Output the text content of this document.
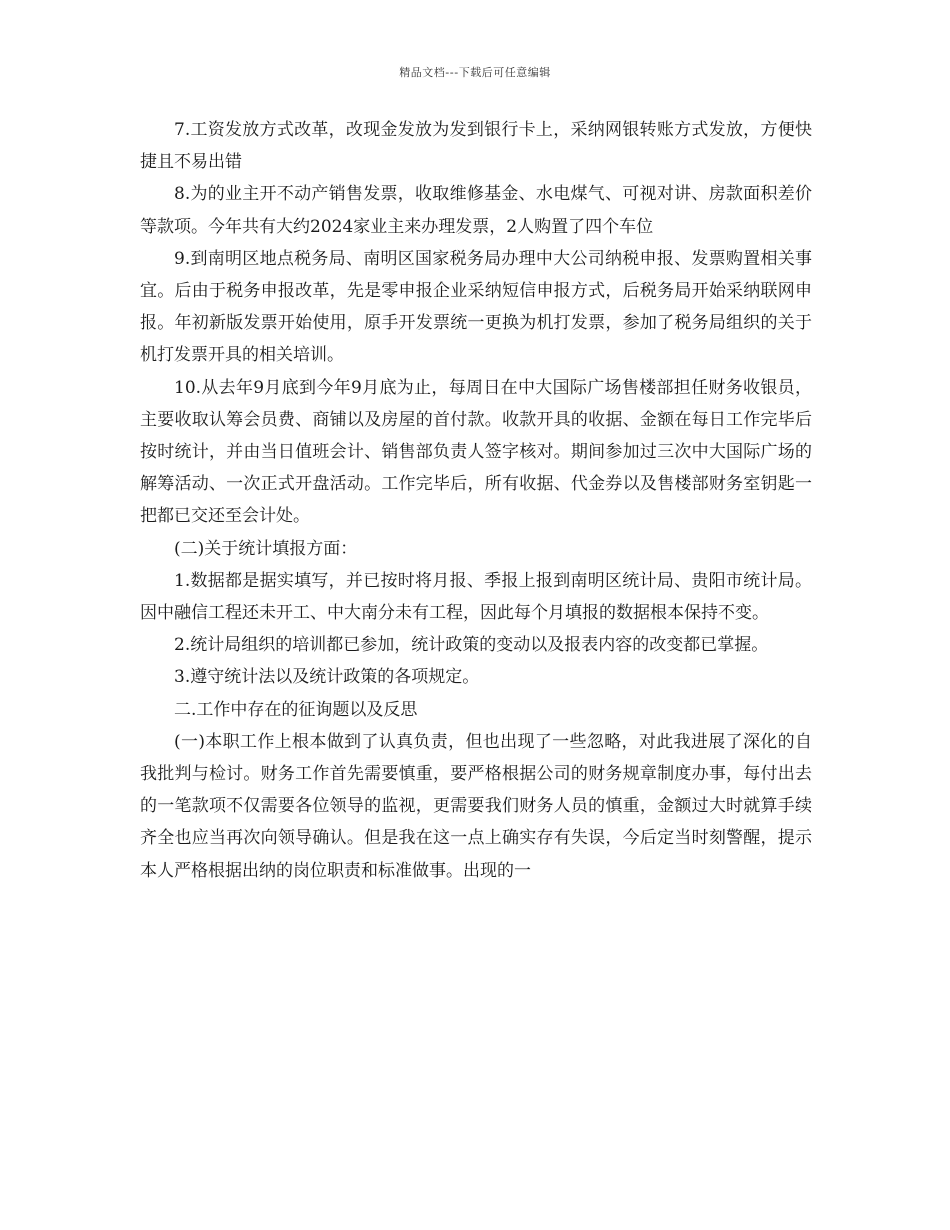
精品文档---下载后可任意编辑

7.工资发放方式改革，改现金发放为发到银行卡上，采纳网银转账方式发放，方便快捷且不易出错

8.为的业主开不动产销售发票，收取维修基金、水电煤气、可视对讲、房款面积差价等款项。今年共有大约2024家业主来办理发票，2人购置了四个车位

9.到南明区地点税务局、南明区国家税务局办理中大公司纳税申报、发票购置相关事宜。后由于税务申报改革，先是零申报企业采纳短信申报方式，后税务局开始采纳联网申报。年初新版发票开始使用，原手开发票统一更换为机打发票，参加了税务局组织的关于机打发票开具的相关培训。

10.从去年9月底到今年9月底为止，每周日在中大国际广场售楼部担任财务收银员，主要收取认筹会员费、商铺以及房屋的首付款。收款开具的收据、金额在每日工作完毕后按时统计，并由当日值班会计、销售部负责人签字核对。期间参加过三次中大国际广场的解筹活动、一次正式开盘活动。工作完毕后，所有收据、代金券以及售楼部财务室钥匙一把都已交还至会计处。

(二)关于统计填报方面：

1.数据都是据实填写，并已按时将月报、季报上报到南明区统计局、贵阳市统计局。因中融信工程还未开工、中大南分未有工程，因此每个月填报的数据根本保持不变。

2.统计局组织的培训都已参加，统计政策的变动以及报表内容的改变都已掌握。

3.遵守统计法以及统计政策的各项规定。

二.工作中存在的征询题以及反思

(一)本职工作上根本做到了认真负责，但也出现了一些忽略，对此我进展了深化的自我批判与检讨。财务工作首先需要慎重，要严格根据公司的财务规章制度办事，每付出去的一笔款项不仅需要各位领导的监视，更需要我们财务人员的慎重，金额过大时就算手续齐全也应当再次向领导确认。但是我在这一点上确实存有失误，今后定当时刻警醒，提示本人严格根据出纳的岗位职责和标准做事。出现的一
